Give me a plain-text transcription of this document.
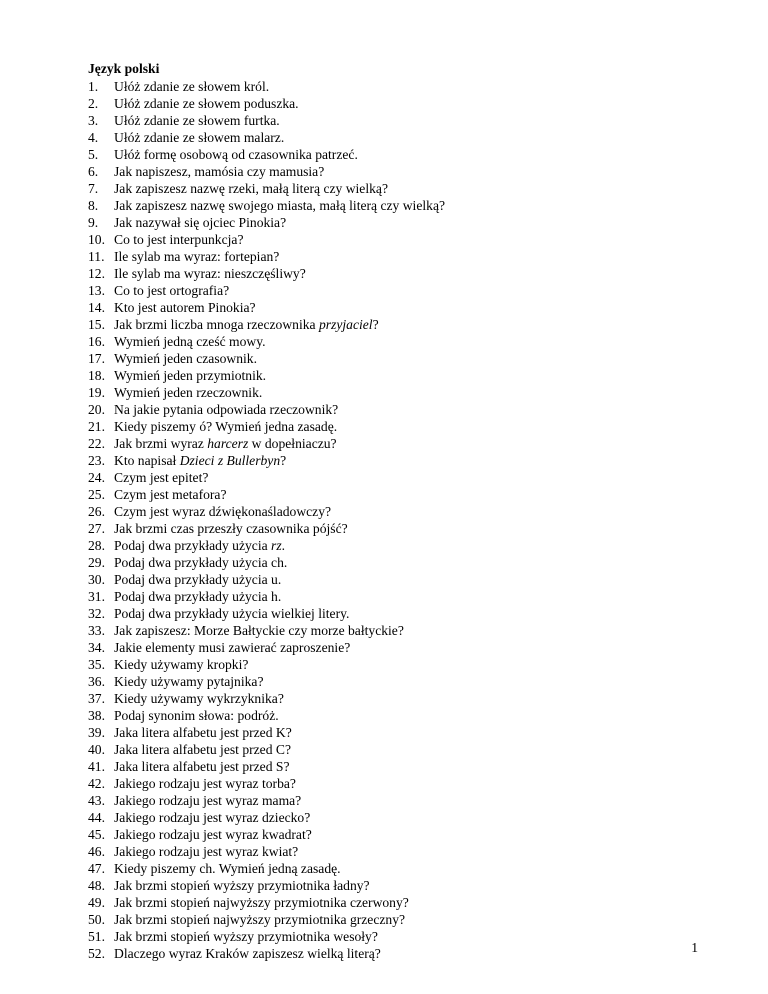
Język polski
1. Ułóż zdanie ze słowem król.
2. Ułóż zdanie ze słowem poduszka.
3. Ułóż zdanie ze słowem furtka.
4. Ułóż zdanie ze słowem malarz.
5. Ułóż formę osobową od czasownika patrzeć.
6. Jak napiszesz, mamósia czy mamusia?
7. Jak zapiszesz nazwę rzeki, małą literą czy wielką?
8. Jak zapiszesz nazwę swojego miasta, małą literą czy wielką?
9. Jak nazywał się ojciec Pinokia?
10. Co to jest interpunkcja?
11. Ile sylab ma wyraz: fortepian?
12. Ile sylab ma wyraz: nieszczęśliwy?
13. Co to jest ortografia?
14. Kto jest autorem Pinokia?
15. Jak brzmi liczba mnoga rzeczownika przyjaciel?
16. Wymień jedną cześć mowy.
17. Wymień jeden czasownik.
18. Wymień jeden przymiotnik.
19. Wymień jeden rzeczownik.
20. Na jakie pytania odpowiada rzeczownik?
21. Kiedy piszemy ó? Wymień jedna zasadę.
22. Jak brzmi wyraz harcerz w dopełniaczu?
23. Kto napisał Dzieci z Bullerbyn?
24. Czym jest epitet?
25. Czym jest metafora?
26. Czym jest wyraz dźwiękonaśladowczy?
27. Jak brzmi czas przeszły czasownika pójść?
28. Podaj dwa przykłady użycia rz.
29. Podaj dwa przykłady użycia ch.
30. Podaj dwa przykłady użycia u.
31. Podaj dwa przykłady użycia h.
32. Podaj dwa przykłady użycia wielkiej litery.
33. Jak zapiszesz: Morze Bałtyckie czy morze bałtyckie?
34. Jakie elementy musi zawierać zaproszenie?
35. Kiedy używamy kropki?
36. Kiedy używamy pytajnika?
37. Kiedy używamy wykrzyknika?
38. Podaj synonim słowa: podróż.
39. Jaka litera alfabetu jest przed K?
40. Jaka litera alfabetu jest przed C?
41. Jaka litera alfabetu jest przed S?
42. Jakiego rodzaju jest wyraz torba?
43. Jakiego rodzaju jest wyraz mama?
44. Jakiego rodzaju jest wyraz dziecko?
45. Jakiego rodzaju jest wyraz kwadrat?
46. Jakiego rodzaju jest wyraz kwiat?
47. Kiedy piszemy ch. Wymień jedną zasadę.
48. Jak brzmi stopień wyższy przymiotnika ładny?
49. Jak brzmi stopień najwyższy przymiotnika czerwony?
50. Jak brzmi stopień najwyższy przymiotnika grzeczny?
51. Jak brzmi stopień wyższy przymiotnika wesoły?
52. Dlaczego wyraz Kraków zapiszesz wielką literą?	1
